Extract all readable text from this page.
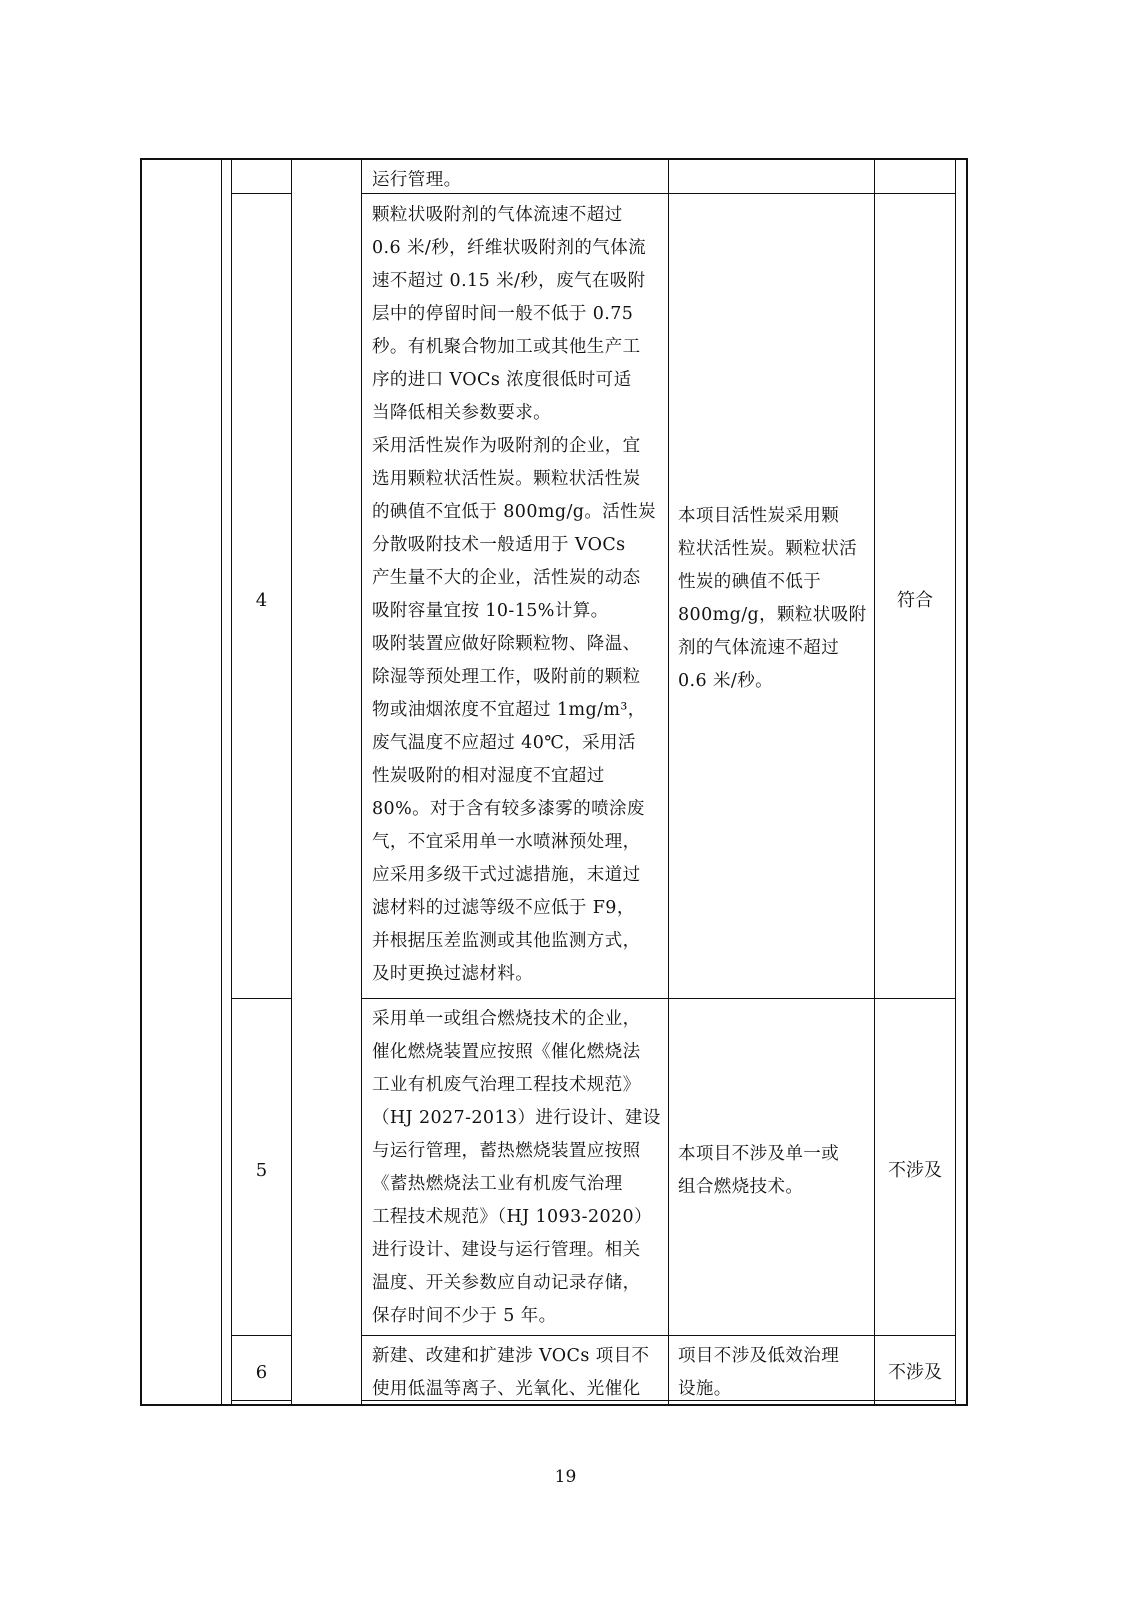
运行管理。
4
颗粒状吸附剂的气体流速不超过
0.6 米/秒，纤维状吸附剂的气体流
速不超过 0.15 米/秒，废气在吸附
层中的停留时间一般不低于 0.75
秒。有机聚合物加工或其他生产工
序的进口 VOCs 浓度很低时可适
当降低相关参数要求。
采用活性炭作为吸附剂的企业，宜
选用颗粒状活性炭。颗粒状活性炭
的碘值不宜低于 800mg/g。活性炭
分散吸附技术一般适用于 VOCs
产生量不大的企业，活性炭的动态
吸附容量宜按 10-15%计算。
吸附装置应做好除颗粒物、降温、
除湿等预处理工作，吸附前的颗粒
物或油烟浓度不宜超过 1mg/m³，
废气温度不应超过 40℃，采用活
性炭吸附的相对湿度不宜超过
80%。对于含有较多漆雾的喷涂废
气，不宜采用单一水喷淋预处理，
应采用多级干式过滤措施，末道过
滤材料的过滤等级不应低于 F9，
并根据压差监测或其他监测方式，
及时更换过滤材料。
本项目活性炭采用颗
粒状活性炭。颗粒状活
性炭的碘值不低于
800mg/g，颗粒状吸附
剂的气体流速不超过
0.6 米/秒。
符合
5
采用单一或组合燃烧技术的企业，
催化燃烧装置应按照《催化燃烧法
工业有机废气治理工程技术规范》
（HJ 2027-2013）进行设计、建设
与运行管理，蓄热燃烧装置应按照
《蓄热燃烧法工业有机废气治理
工程技术规范》（HJ 1093-2020）
进行设计、建设与运行管理。相关
温度、开关参数应自动记录存储，
保存时间不少于 5 年。
本项目不涉及单一或
组合燃烧技术。
不涉及
6
新建、改建和扩建涉 VOCs 项目不
使用低温等离子、光氧化、光催化
项目不涉及低效治理
设施。
不涉及
19
